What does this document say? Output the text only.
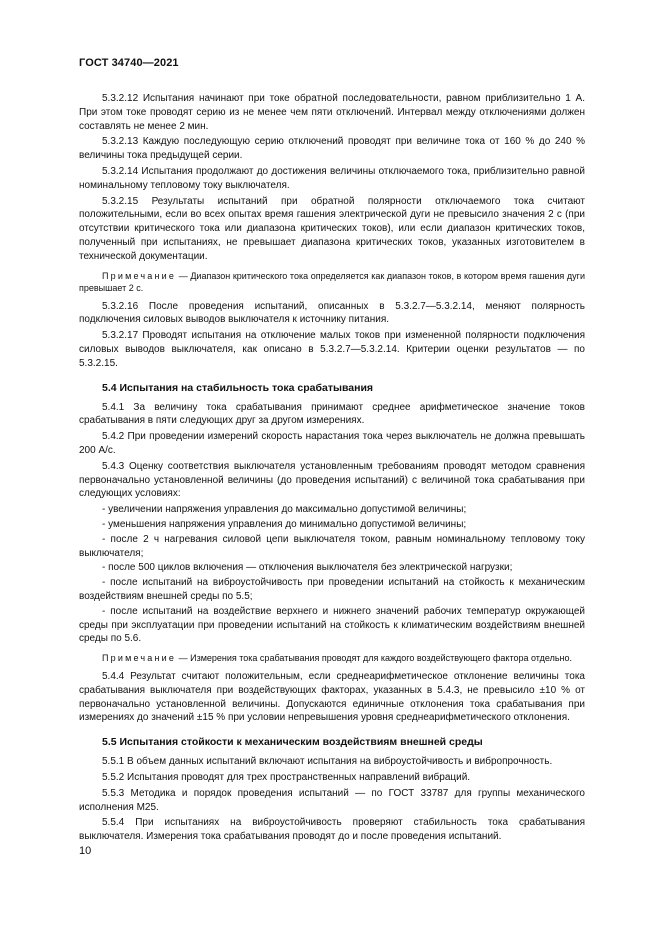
ГОСТ 34740—2021

5.3.2.12 Испытания начинают при токе обратной последовательности, равном приблизительно 1 А. При этом токе проводят серию из не менее чем пяти отключений. Интервал между отключениями должен составлять не менее 2 мин.

5.3.2.13 Каждую последующую серию отключений проводят при величине тока от 160 % до 240 % величины тока предыдущей серии.

5.3.2.14 Испытания продолжают до достижения величины отключаемого тока, приблизительно равной номинальному тепловому току выключателя.

5.3.2.15 Результаты испытаний при обратной полярности отключаемого тока считают положительными, если во всех опытах время гашения электрической дуги не превысило значения 2 с (при отсутствии критического тока или диапазона критических токов), или если диапазон критических токов, полученный при испытаниях, не превышает диапазона критических токов, указанных изготовителем в технической документации.

Примечание — Диапазон критического тока определяется как диапазон токов, в котором время гашения дуги превышает 2 с.

5.3.2.16 После проведения испытаний, описанных в 5.3.2.7—5.3.2.14, меняют полярность подключения силовых выводов выключателя к источнику питания.

5.3.2.17 Проводят испытания на отключение малых токов при измененной полярности подключения силовых выводов выключателя, как описано в 5.3.2.7—5.3.2.14. Критерии оценки результатов — по 5.3.2.15.

5.4 Испытания на стабильность тока срабатывания

5.4.1 За величину тока срабатывания принимают среднее арифметическое значение токов срабатывания в пяти следующих друг за другом измерениях.

5.4.2 При проведении измерений скорость нарастания тока через выключатель не должна превышать 200 А/с.

5.4.3 Оценку соответствия выключателя установленным требованиям проводят методом сравнения первоначально установленной величины (до проведения испытаний) с величиной тока срабатывания при следующих условиях:

- увеличении напряжения управления до максимально допустимой величины;

- уменьшения напряжения управления до минимально допустимой величины;

- после 2 ч нагревания силовой цепи выключателя током, равным номинальному тепловому току выключателя;

- после 500 циклов включения — отключения выключателя без электрической нагрузки;

- после испытаний на виброустойчивость при проведении испытаний на стойкость к механическим воздействиям внешней среды по 5.5;

- после испытаний на воздействие верхнего и нижнего значений рабочих температур окружающей среды при эксплуатации при проведении испытаний на стойкость к климатическим воздействиям внешней среды по 5.6.

Примечание — Измерения тока срабатывания проводят для каждого воздействующего фактора отдельно.

5.4.4 Результат считают положительным, если среднеарифметическое отклонение величины тока срабатывания выключателя при воздействующих факторах, указанных в 5.4.3, не превысило ±10 % от первоначально установленной величины. Допускаются единичные отклонения тока срабатывания при измерениях до значений ±15 % при условии непревышения уровня среднеарифметического отклонения.

5.5 Испытания стойкости к механическим воздействиям внешней среды

5.5.1 В объем данных испытаний включают испытания на виброустойчивость и вибропрочность.

5.5.2 Испытания проводят для трех пространственных направлений вибраций.

5.5.3 Методика и порядок проведения испытаний — по ГОСТ 33787 для группы механического исполнения М25.

5.5.4 При испытаниях на виброустойчивость проверяют стабильность тока срабатывания выключателя. Измерения тока срабатывания проводят до и после проведения испытаний.

10
